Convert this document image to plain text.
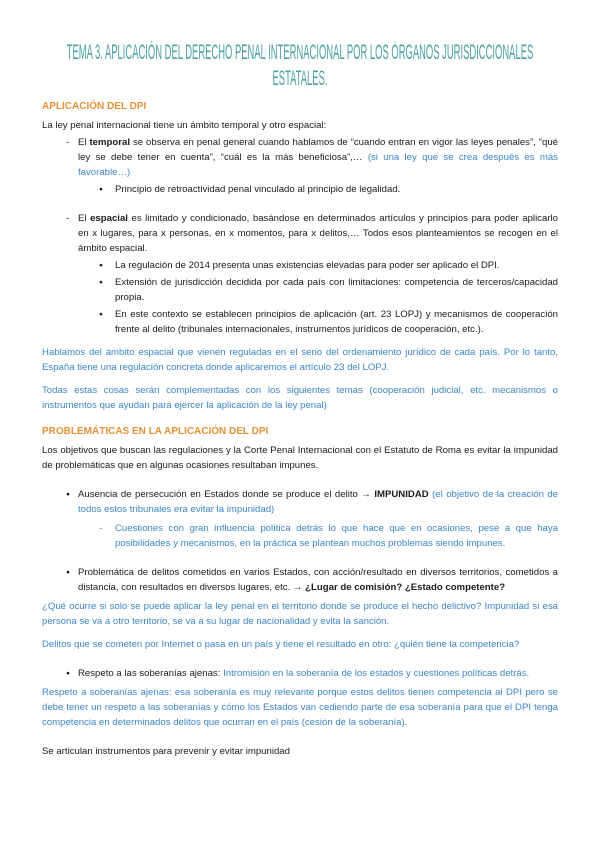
TEMA 3. APLICACIÓN DEL DERECHO PENAL INTERNACIONAL POR LOS ÓRGANOS JURISDICCIONALES
ESTATALES.
APLICACIÓN DEL DPI

La ley penal internacional tiene un ámbito temporal y otro espacial:

- El temporal se observa en penal general cuando hablamos de “cuando entran en vigor las leyes penales”, “qué ley se debe tener en cuenta”, “cuál es la más beneficiosa”,… (si una ley que se crea después es más favorable…)
●	Principio de retroactividad penal vinculado al principio de legalidad.
- El espacial es limitado y condicionado, basándose en determinados artículos y principios para poder aplicarlo en x lugares, para x personas, en x momentos, para x delitos,… Todos esos planteamientos se recogen en el ámbito espacial.
●	La regulación de 2014 presenta unas existencias elevadas para poder ser aplicado el DPI.
●	Extensión de jurisdicción decidida por cada país con limitaciones: competencia de terceros/capacidad propia.
●	En este contexto se establecen principios de aplicación (art. 23 LOPJ) y mecanismos de cooperación frente al delito (tribunales internacionales, instrumentos jurídicos de cooperación, etc.).

Hablamos del ámbito espacial que vienen reguladas en el seno del ordenamiento jurídico de cada país. Por lo tanto, España tiene una regulación concreta donde aplicaremos el artículo 23 del LOPJ.

Todas estas cosas serán complementadas con los siguientes temas (cooperación judicial, etc. mecanismos o instrumentos que ayudan para ejercer la aplicación de la ley penal)

PROBLEMÁTICAS EN LA APLICACIÓN DEL DPI

Los objetivos que buscan las regulaciones y la Corte Penal Internacional con el Estatuto de Roma es evitar la impunidad de problemáticas que en algunas ocasiones resultaban impunes.

● Ausencia de persecución en Estados donde se produce el delito → IMPUNIDAD (el objetivo de la creación de todos estos tribunales era evitar la impunidad)
-	Cuestiones con gran influencia política detrás lo que hace que en ocasiones, pese a que haya posibilidades y mecanismos, en la práctica se plantean muchos problemas siendo impunes.
● Problemática de delitos cometidos en varios Estados, con acción/resultado en diversos territorios, cometidos a distancia, con resultados en diversos lugares, etc. → ¿Lugar de comisión? ¿Estado competente?

¿Qué ocurre si solo se puede aplicar la ley penal en el territorio donde se produce el hecho delictivo? Impunidad si esa persona se va a otro territorio, se va a su lugar de nacionalidad y evita la sanción.

Delitos que se cometen por Internet o pasa en un país y tiene el resultado en otro: ¿quién tiene la competencia?

● Respeto a las soberanías ajenas: Intromisión en la soberanía de los estados y cuestiones políticas detrás.

Respeto a soberanías ajenas: esa soberanía es muy relevante porque estos delitos tienen competencia al DPI pero se debe tener un respeto a las soberanías y cómo los Estados van cediendo parte de esa soberanía para que el DPI tenga competencia en determinados delitos que ocurran en el país (cesión de la soberanía).

Se articulan instrumentos para prevenir y evitar impunidad
